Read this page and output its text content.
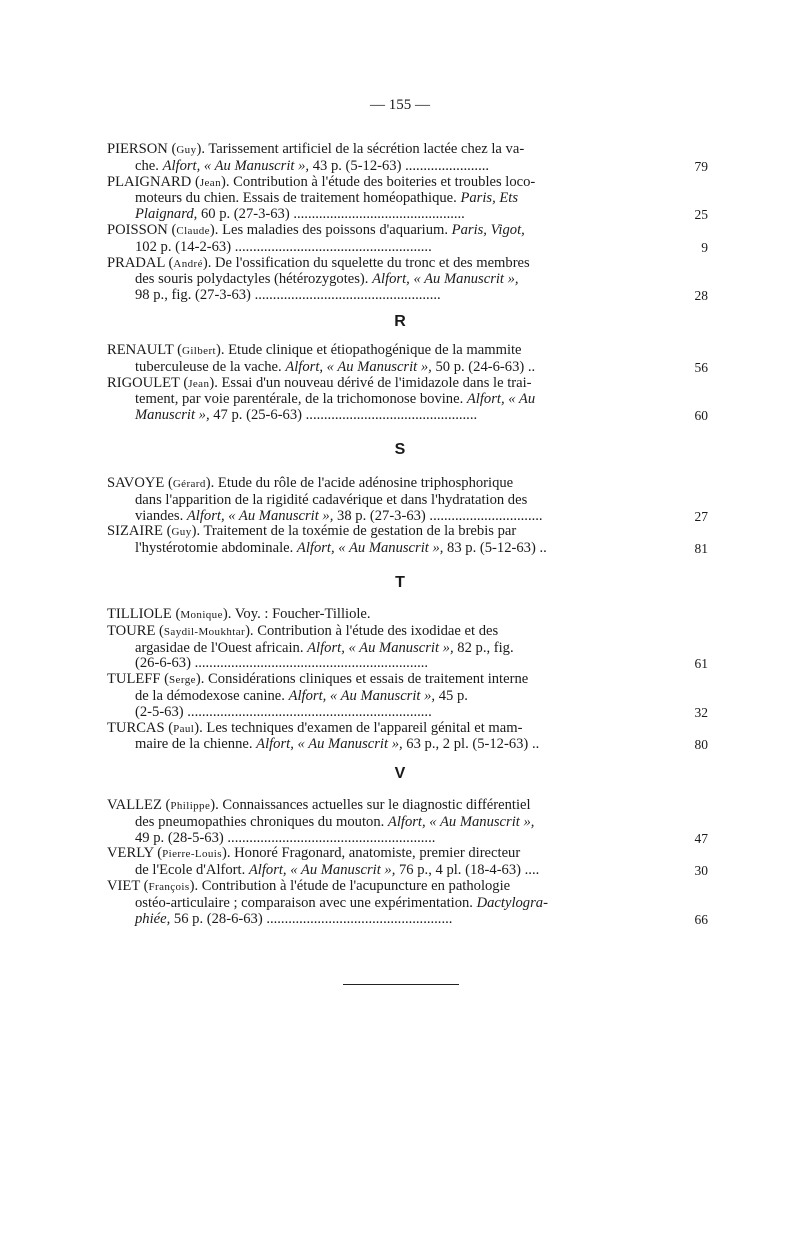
— 155 —
PIERSON (Guy). Tarissement artificiel de la sécrétion lactée chez la va-
che. Alfort, « Au Manuscrit », 43 p. (5-12-63) .......................	79
PLAIGNARD (Jean). Contribution à l'étude des boiteries et troubles loco-
moteurs du chien. Essais de traitement homéopathique. Paris, Ets
Plaignard, 60 p. (27-3-63) ...............................................	25
POISSON (Claude). Les maladies des poissons d'aquarium. Paris, Vigot,
102 p. (14-2-63) ......................................................	9
PRADAL (André). De l'ossification du squelette du tronc et des membres
des souris polydactyles (hétérozygotes). Alfort, « Au Manuscrit »,
98 p., fig. (27-3-63) ...................................................	28
R
RENAULT (Gilbert). Etude clinique et étiopathogénique de la mammite
tuberculeuse de la vache. Alfort, « Au Manuscrit », 50 p. (24-6-63) ..	56
RIGOULET (Jean). Essai d'un nouveau dérivé de l'imidazole dans le trai-
tement, par voie parentérale, de la trichomonose bovine. Alfort, « Au
Manuscrit », 47 p. (25-6-63) ...............................................	60
S
SAVOYE (Gérard). Etude du rôle de l'acide adénosine triphosphorique
dans l'apparition de la rigidité cadavérique et dans l'hydratation des
viandes. Alfort, « Au Manuscrit », 38 p. (27-3-63) ...............................	27
SIZAIRE (Guy). Traitement de la toxémie de gestation de la brebis par
l'hystérotomie abdominale. Alfort, « Au Manuscrit », 83 p. (5-12-63) ..	81
T
TILLIOLE (Monique). Voy. : Foucher-Tilliole.
TOURE (Saydil-Moukhtar). Contribution à l'étude des ixodidae et des
argasidae de l'Ouest africain. Alfort, « Au Manuscrit », 82 p., fig.
(26-6-63) ................................................................	61
TULEFF (Serge). Considérations cliniques et essais de traitement interne
de la démodexose canine. Alfort, « Au Manuscrit », 45 p.
(2-5-63) ...................................................................	32
TURCAS (Paul). Les techniques d'examen de l'appareil génital et mam-
maire de la chienne. Alfort, « Au Manuscrit », 63 p., 2 pl. (5-12-63) ..	80
V
VALLEZ (Philippe). Connaissances actuelles sur le diagnostic différentiel
des pneumopathies chroniques du mouton. Alfort, « Au Manuscrit »,
49 p. (28-5-63) .........................................................	47
VERLY (Pierre-Louis). Honoré Fragonard, anatomiste, premier directeur
de l'Ecole d'Alfort. Alfort, « Au Manuscrit », 76 p., 4 pl. (18-4-63) ....	30
VIET (François). Contribution à l'étude de l'acupuncture en pathologie
ostéo-articulaire ; comparaison avec une expérimentation. Dactylogra-
phiée, 56 p. (28-6-63) ...................................................	66
